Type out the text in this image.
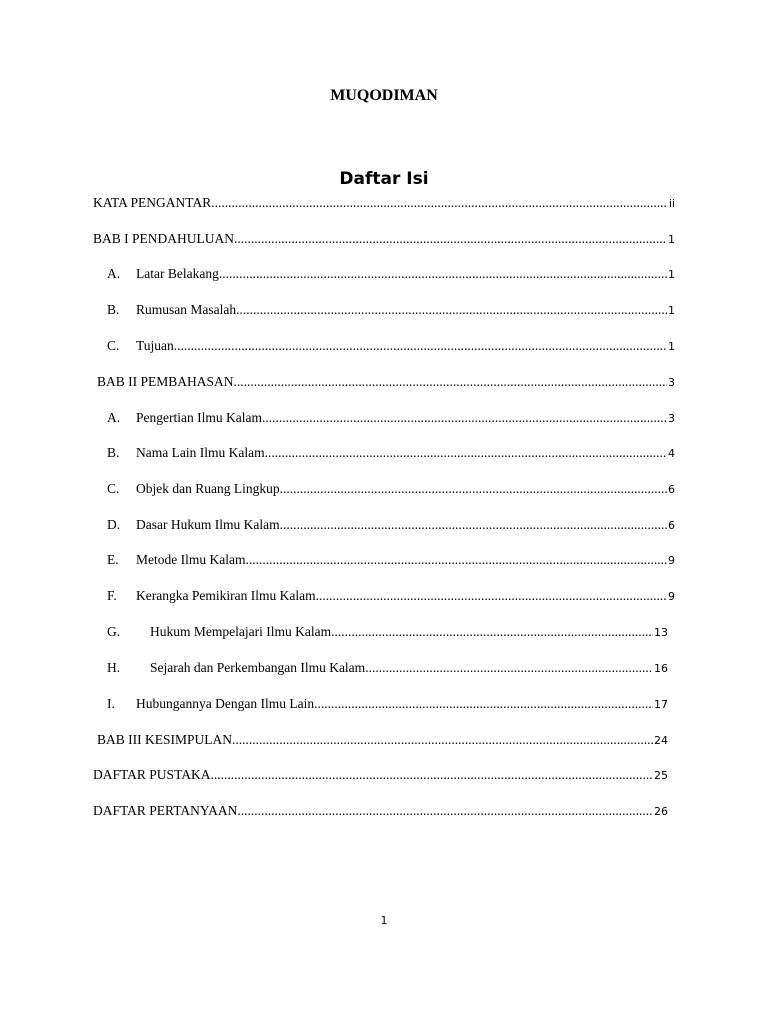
MUQODIMAN
Daftar Isi
KATA PENGANTAR .....	ii
BAB I PENDAHULUAN .....	1
A.	Latar Belakang .....	1
B.	Rumusan Masalah .....	1
C.	Tujuan. .....	1
BAB II PEMBAHASAN .....	3
A.	Pengertian Ilmu Kalam .....	3
B.	Nama Lain Ilmu Kalam .....	4
C.	Objek dan Ruang Lingkup .....	6
D.	Dasar Hukum Ilmu Kalam .....	6
E.	Metode Ilmu Kalam .....	9
F.	Kerangka Pemikiran Ilmu Kalam .....	9
G.	Hukum Mempelajari Ilmu Kalam .....	13
H.	Sejarah dan Perkembangan Ilmu Kalam .....	16
I.	Hubungannya Dengan Ilmu Lain .....	17
BAB III KESIMPULAN .....	24
DAFTAR PUSTAKA .....	25
DAFTAR PERTANYAAN .....	26
1
